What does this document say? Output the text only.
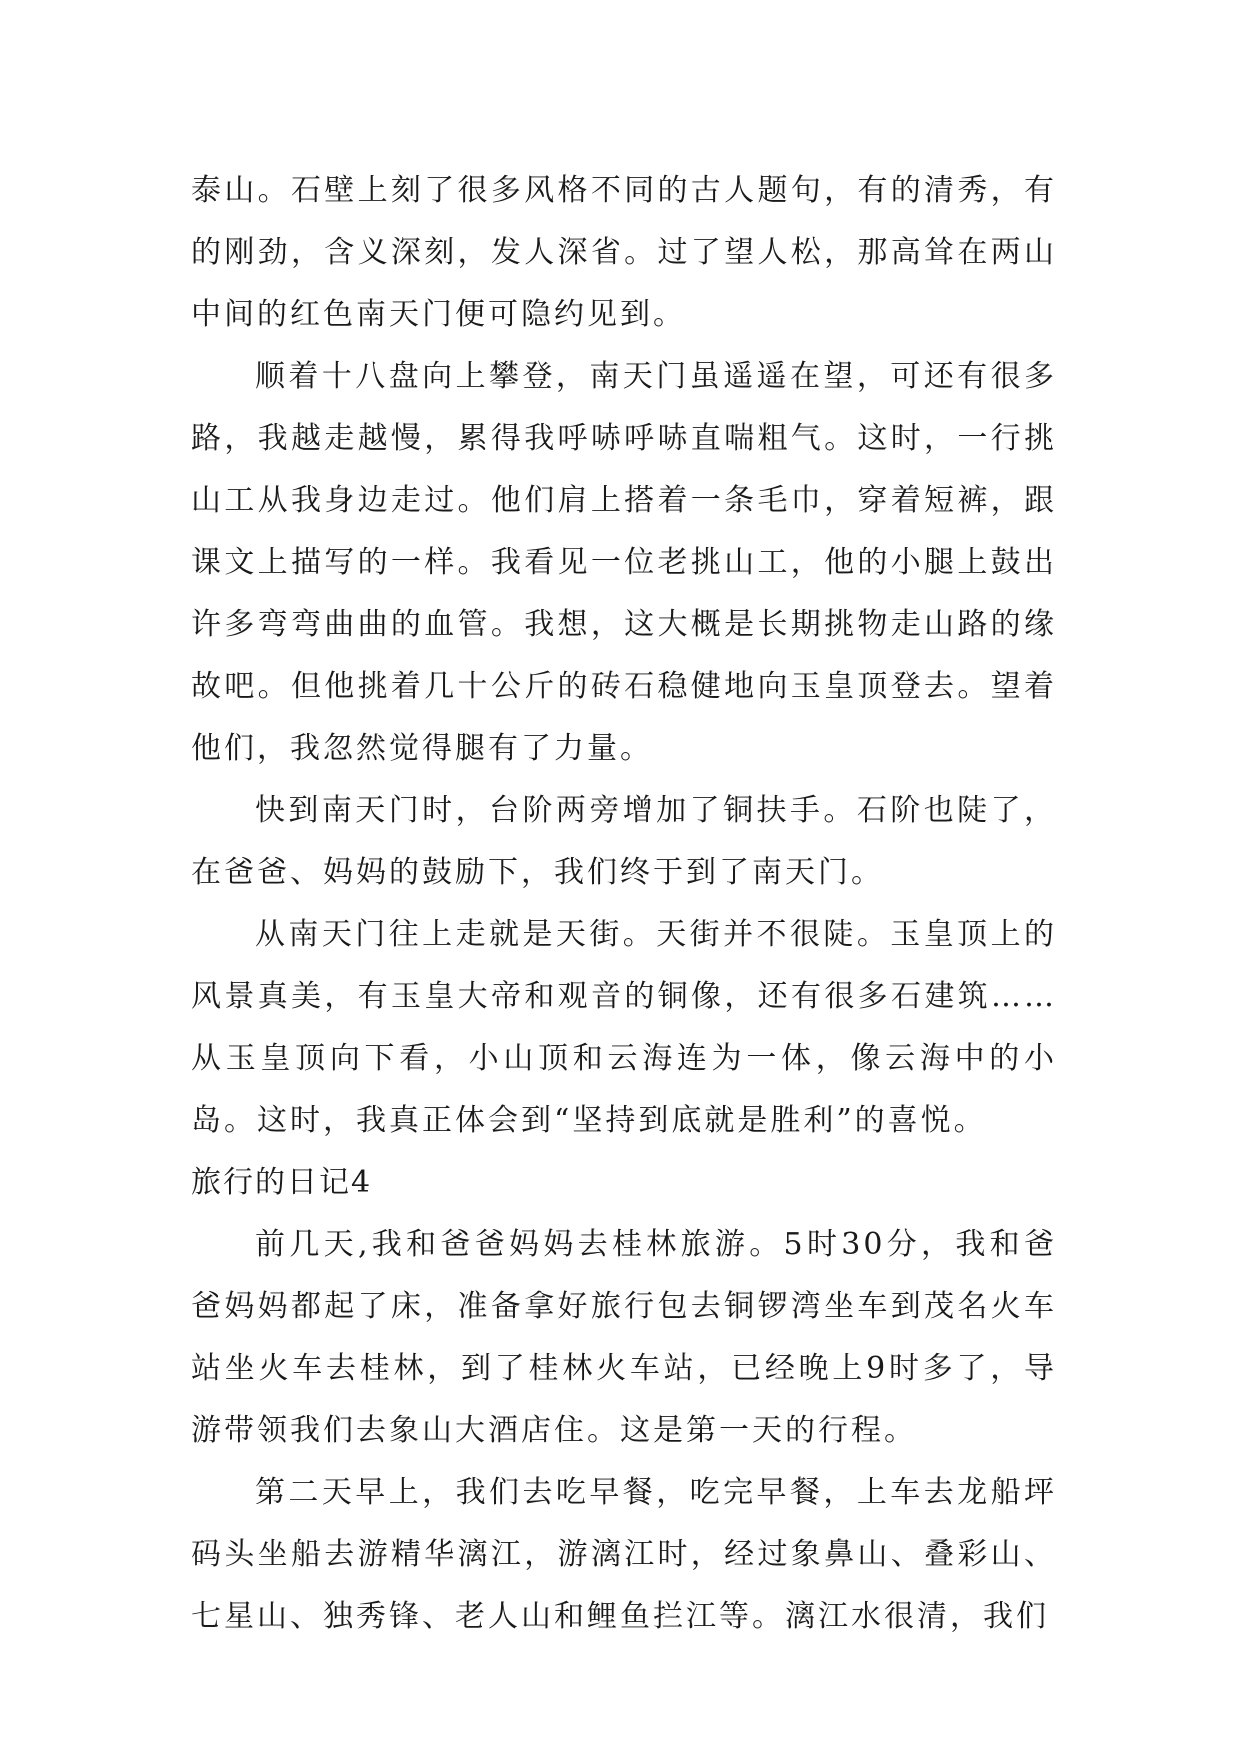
泰山。石壁上刻了很多风格不同的古人题句，有的清秀，有的刚劲，含义深刻，发人深省。过了望人松，那高耸在两山中间的红色南天门便可隐约见到。

顺着十八盘向上攀登，南天门虽遥遥在望，可还有很多路，我越走越慢，累得我呼哧呼哧直喘粗气。这时，一行挑山工从我身边走过。他们肩上搭着一条毛巾，穿着短裤，跟课文上描写的一样。我看见一位老挑山工，他的小腿上鼓出许多弯弯曲曲的血管。我想，这大概是长期挑物走山路的缘故吧。但他挑着几十公斤的砖石稳健地向玉皇顶登去。望着他们，我忽然觉得腿有了力量。

快到南天门时，台阶两旁增加了铜扶手。石阶也陡了，在爸爸、妈妈的鼓励下，我们终于到了南天门。

从南天门往上走就是天街。天街并不很陡。玉皇顶上的风景真美，有玉皇大帝和观音的铜像，还有很多石建筑……从玉皇顶向下看，小山顶和云海连为一体，像云海中的小岛。这时，我真正体会到“坚持到底就是胜利”的喜悦。

旅行的日记4

前几天,我和爸爸妈妈去桂林旅游。5时30分，我和爸爸妈妈都起了床，准备拿好旅行包去铜锣湾坐车到茂名火车站坐火车去桂林，到了桂林火车站，已经晚上9时多了，导游带领我们去象山大酒店住。这是第一天的行程。

第二天早上，我们去吃早餐，吃完早餐，上车去龙船坪码头坐船去游精华漓江，游漓江时，经过象鼻山、叠彩山、七星山、独秀锋、老人山和鲤鱼拦江等。漓江水很清，我们
